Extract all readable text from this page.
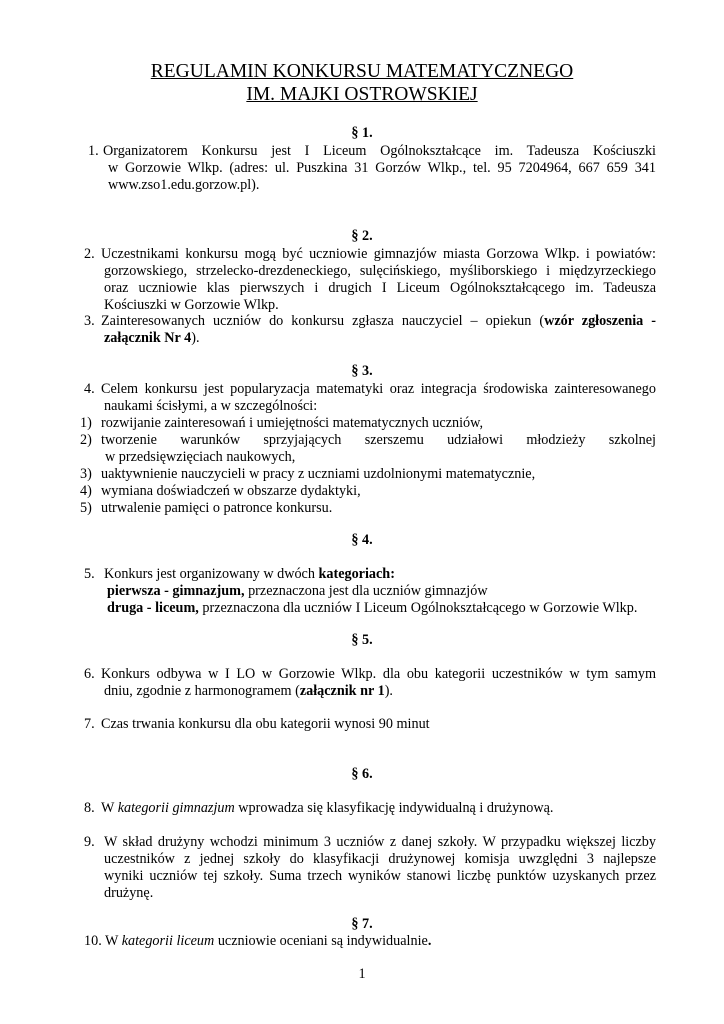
REGULAMIN KONKURSU MATEMATYCZNEGO
IM. MAJKI OSTROWSKIEJ
§ 1.
1. Organizatorem Konkursu jest I Liceum Ogólnokształcące im. Tadeusza Kościuszki
w Gorzowie Wlkp. (adres: ul. Puszkina 31 Gorzów Wlkp., tel. 95 7204964, 667 659 341
www.zso1.edu.gorzow.pl).
§ 2.
2. Uczestnikami konkursu mogą być uczniowie gimnazjów miasta Gorzowa Wlkp. i powiatów:
gorzowskiego, strzelecko-drezdeneckiego, sulęcińskiego, myśliborskiego i międzyrzeckiego
oraz uczniowie klas pierwszych i drugich I Liceum Ogólnokształcącego im. Tadeusza
Kościuszki w Gorzowie Wlkp.
3. Zainteresowanych uczniów do konkursu zgłasza nauczyciel – opiekun (wzór zgłoszenia -
załącznik Nr 4).
§ 3.
4. Celem konkursu jest popularyzacja matematyki oraz integracja środowiska zainteresowanego
naukami ścisłymi, a w szczególności:
1) rozwijanie zainteresowań i umiejętności matematycznych uczniów,
2) tworzenie warunków sprzyjających szerszemu udziałowi młodzieży szkolnej
w przedsięwzięciach naukowych,
3) uaktywnienie nauczycieli w pracy z uczniami uzdolnionymi matematycznie,
4) wymiana doświadczeń w obszarze dydaktyki,
5) utrwalenie pamięci o patronce konkursu.
§ 4.
5. Konkurs jest organizowany w dwóch kategoriach:
pierwsza - gimnazjum, przeznaczona jest dla uczniów gimnazjów
druga - liceum, przeznaczona dla uczniów I Liceum Ogólnokształcącego w Gorzowie Wlkp.
§ 5.
6. Konkurs odbywa w I LO w Gorzowie Wlkp. dla obu kategorii uczestników w tym samym
dniu, zgodnie z harmonogramem (załącznik nr 1).
7. Czas trwania konkursu dla obu kategorii wynosi 90 minut
§ 6.
8. W kategorii gimnazjum wprowadza się klasyfikację indywidualną i drużynową.
9. W skład drużyny wchodzi minimum 3 uczniów z danej szkoły. W przypadku większej liczby
uczestników z jednej szkoły do klasyfikacji drużynowej komisja uwzględni 3 najlepsze
wyniki uczniów tej szkoły. Suma trzech wyników stanowi liczbę punktów uzyskanych przez
drużynę.
§ 7.
10. W kategorii liceum uczniowie oceniani są indywidualnie.
1
